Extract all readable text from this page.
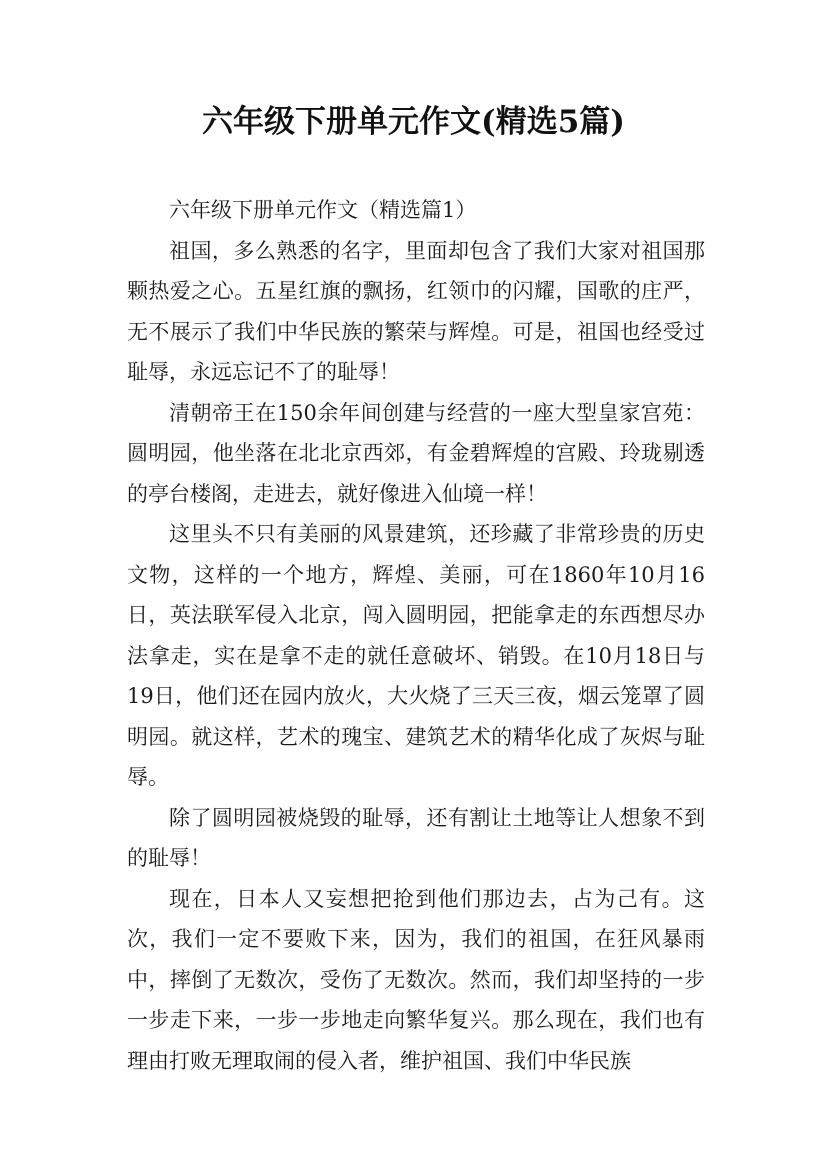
六年级下册单元作文(精选5篇)

六年级下册单元作文（精选篇1）

祖国，多么熟悉的名字，里面却包含了我们大家对祖国那颗热爱之心。五星红旗的飘扬，红领巾的闪耀，国歌的庄严，无不展示了我们中华民族的繁荣与辉煌。可是，祖国也经受过耻辱，永远忘记不了的耻辱！

清朝帝王在150余年间创建与经营的一座大型皇家宫苑：圆明园，他坐落在北北京西郊，有金碧辉煌的宫殿、玲珑剔透的亭台楼阁，走进去，就好像进入仙境一样！

这里头不只有美丽的风景建筑，还珍藏了非常珍贵的历史文物，这样的一个地方，辉煌、美丽，可在1860年10月16日，英法联军侵入北京，闯入圆明园，把能拿走的东西想尽办法拿走，实在是拿不走的就任意破坏、销毁。在10月18日与19日，他们还在园内放火，大火烧了三天三夜，烟云笼罩了圆明园。就这样，艺术的瑰宝、建筑艺术的精华化成了灰烬与耻辱。

除了圆明园被烧毁的耻辱，还有割让土地等让人想象不到的耻辱！

现在，日本人又妄想把抢到他们那边去，占为己有。这次，我们一定不要败下来，因为，我们的祖国，在狂风暴雨中，摔倒了无数次，受伤了无数次。然而，我们却坚持的一步一步走下来，一步一步地走向繁华复兴。那么现在，我们也有理由打败无理取闹的侵入者，维护祖国、我们中华民族
